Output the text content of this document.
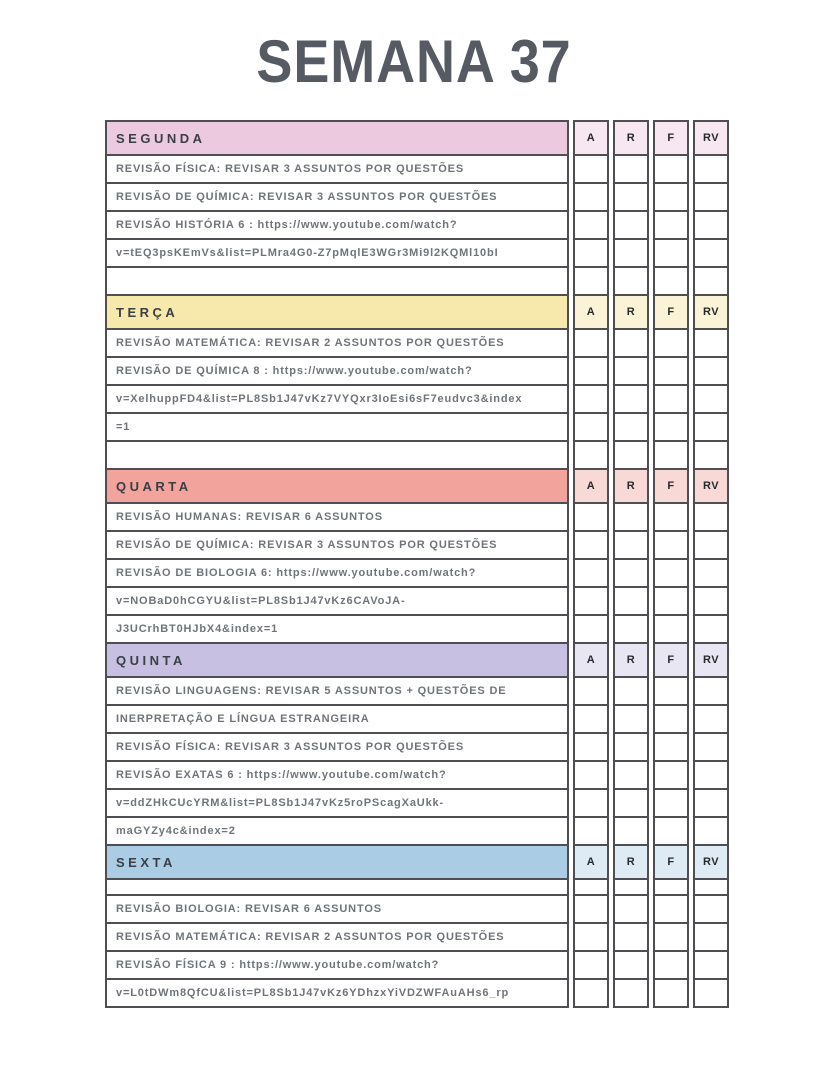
SEMANA 37
SEGUNDA	A	R	F	RV
REVISÃO FÍSICA: REVISAR 3 ASSUNTOS POR QUESTÕES
REVISÃO DE QUÍMICA: REVISAR 3 ASSUNTOS POR QUESTÕES
REVISÃO HISTÓRIA 6 : https://www.youtube.com/watch?
v=tEQ3psKEmVs&list=PLMra4G0-Z7pMqlE3WGr3Mi9l2KQMl10bI
TERÇA	A	R	F	RV
REVISÃO MATEMÁTICA: REVISAR 2 ASSUNTOS POR QUESTÕES
REVISÃO DE QUÍMICA 8 : https://www.youtube.com/watch?
v=XelhuppFD4&list=PL8Sb1J47vKz7VYQxr3IoEsi6sF7eudvc3&index
=1
QUARTA	A	R	F	RV
REVISÃO HUMANAS: REVISAR 6 ASSUNTOS
REVISÃO DE QUÍMICA: REVISAR 3 ASSUNTOS POR QUESTÕES
REVISÃO DE BIOLOGIA 6: https://www.youtube.com/watch?
v=NOBaD0hCGYU&list=PL8Sb1J47vKz6CAVoJA-
J3UCrhBT0HJbX4&index=1
QUINTA	A	R	F	RV
REVISÃO LINGUAGENS: REVISAR 5 ASSUNTOS + QUESTÕES DE
INERPRETAÇÃO E LÍNGUA ESTRANGEIRA
REVISÃO FÍSICA: REVISAR 3 ASSUNTOS POR QUESTÕES
REVISÃO EXATAS 6 : https://www.youtube.com/watch?
v=ddZHkCUcYRM&list=PL8Sb1J47vKz5roPScagXaUkk-
maGYZy4c&index=2
SEXTA	A	R	F	RV
REVISÃO BIOLOGIA: REVISAR 6 ASSUNTOS
REVISÃO MATEMÁTICA: REVISAR 2 ASSUNTOS POR QUESTÕES
REVISÃO FÍSICA 9 : https://www.youtube.com/watch?
v=L0tDWm8QfCU&list=PL8Sb1J47vKz6YDhzxYiVDZWFAuAHs6_rp
